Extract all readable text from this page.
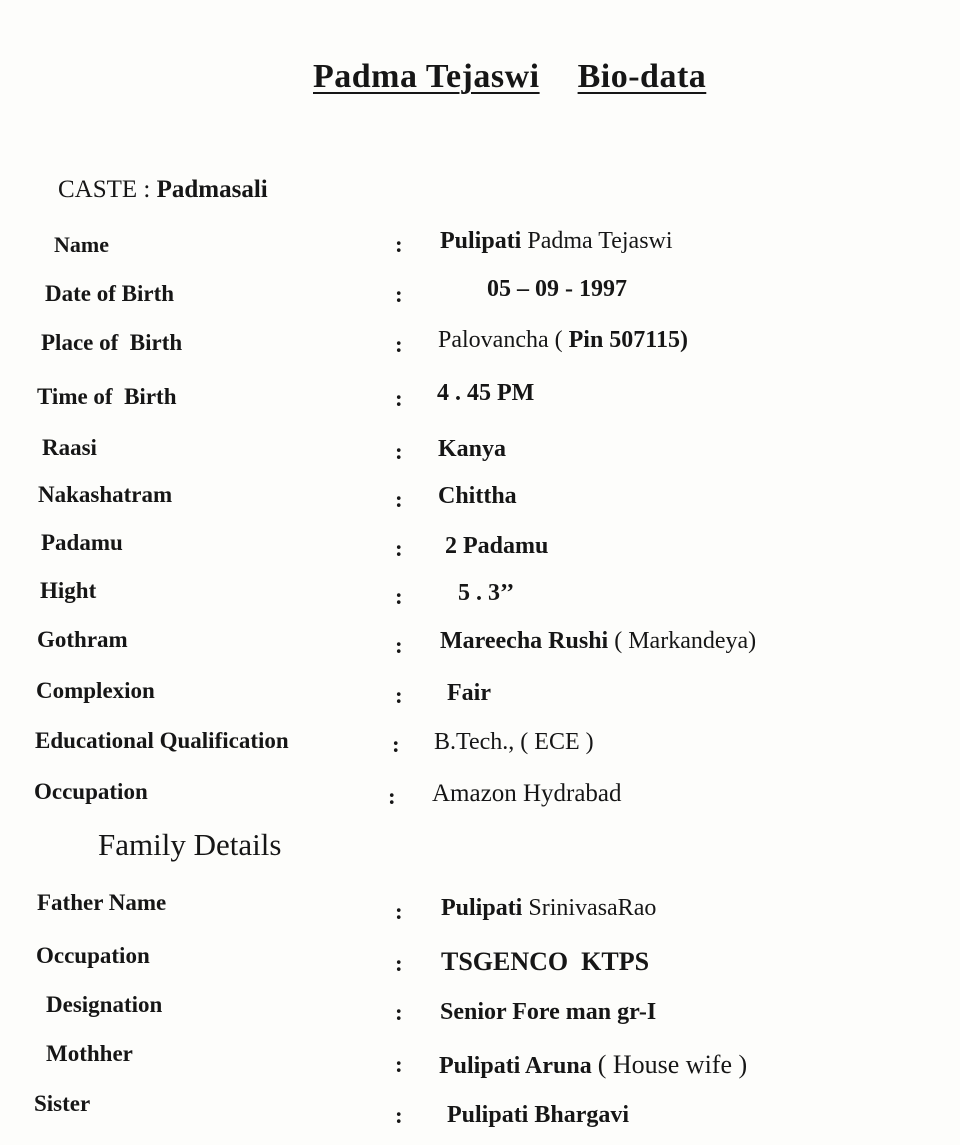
Padma Tejaswi Bio-data
CASTE : Padmasali
Name	: Pulipati Padma Tejaswi
Date of Birth	:	05 – 09 - 1997
Place of  Birth	: Palovancha ( Pin 507115)
Time of  Birth	: 4 . 45 PM
Raasi	: Kanya
Nakashatram	: Chittha
Padamu	: 2 Padamu
Hight	: 5 . 3’’
Gothram	: Mareecha Rushi ( Markandeya)
Complexion	: Fair
Educational Qualification	: B.Tech., ( ECE )
Occupation	: Amazon Hydrabad
Family Details
Father Name	: Pulipati SrinivasaRao
Occupation	: TSGENCO  KTPS
Designation	: Senior Fore man gr-I
Mothher	: Pulipati Aruna ( House wife )
Sister	: Pulipati Bhargavi
